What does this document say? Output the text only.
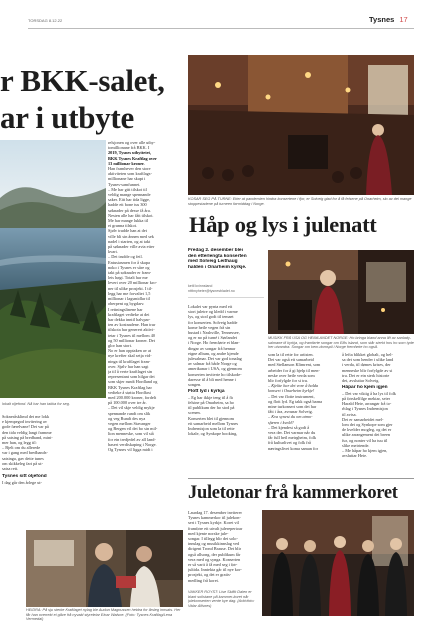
TORSDAG 8.12.22	Tysnes 17
r BKK-salet,
ar i utbyte
lokalt oljefond. Nå har han takka for seg.
Sokneråsklimd det me lokk
e kjempegod invitering av
gode færelvane! Det var på
den tida veldig langt framme
på satsing på bredband, mini-
mer han, og legg til:
– Bjelt om du allerede
var i gang med bredbands-
satsinga, gav dette tunes
om skikkeleg fart på ut-
satsa rett.
Tysnes sitt oljefond
I dag går den årlege ut-
relsjonen og over alle utby-
tomillionane frå BKK. I
2019, Tysnes utbyttetet,
BKK Tysnes Kraftlag over
13 millionar kroner.
Han framhever den store
aktiviteten som kraftlags-
millionane har skapt i
Tysnes-samfunnet.
– Me har gitt tilskot til
veldig mange spennande
saker. Eitt har tida ligge,
hadde eit bone tus 300
søknader på desse få åra.
Nesten alle har fått tilskot.
Me har mange lukka til
ei grunna tilskot.
Sjølv trudde han at det
ville bli sin ånnen med sek
nadel i starten, og at takt
på søknader ville avta etter
kvart.
– Det trudde og feil.
Entusiasmen for å skapa
noko i Tysnes er såre og
takt på søknader er fram-
leis høgt. Totalt har me
levert over 20 millionar kro-
ner til ulike prosjekt. I til-
legg har me forvaltet 1,5
millionar i lagsmidlar til
oberpent og bygdarv.
I rettningslinene har
kraftlaget vedteke at dei
har dekka inntil halvpar-
ten av kostnadene. Han trur
tilskota har generert aktivi-
tetar i Tysnes til mellom 40
og 50 millionar kroner. Det
glor han stort.
No er han opptaken av at
nye krefter skal setja vid-
ninga til kraftlaget fram-
over. Sjølv har han sagt
ja til å verte kraftlaget sin
representant som hilgar det
som skjer rundt Hordland og
BKK Tysnes Kraftlag har
vedteke å støtta Hordfast
med 200.000 kroner, fordelt
på 100.000 over tre år.
– Det vil skje veldig mykje
spennande rundt om slik
og veg Rundt des nya
vegen mellom Stavanger
og Bergen vil det bo sin mil-
lion menneske, som vil stå
for ein tredjedel av all land-
basert verdiskaping i Norge.
Og Tysnes vil ligga midt i
HEIDRA: På sju sterke Kraftlaget nylag ble Audun Magnussen heidra for årsleg innsats. Her får han overrekt ei gåve frå nyvald styreleiar Einar Walsne. (Foto: Tysnes Kraftlag/Lena Vermedal)
KOSAR SEG PÅ TURNE: Etter at pandemien hindra konsertene i fjor, er Solveig glad for å få felsene på Onarheim, slo av dei mange stoppestadene på turneen førmiddag i Norge.
Håp og lys i julenatt
Fredag 2. desember blei
den etterlengta konserten
med Solveig Leithaug
halden i Onarheim kyrkje.
ketil kvinnsland
nttbnyheter@tysnesbladet.no
Lokalet var pynta med eit
stort juletre og kledd i varme
lys, og stod godt til temaet
for konserten. Solveig hadde
kome heile vegen frå sin
bustad i Nashville, Tennessee,
og er no på turné i Sørlandet
i Norge. Ho fremførte et blan-
dingar av songar frå hennar
eigne album, og andre kjende
julesalmar. Det var god tonalag
av salmar frå både Norge og
amerikanar i USA, og gjennom
konserten inviterte ho tilskode-
daresse til å bli med henne i
songen.
Flott lyd i kyrkja
– Eg har ikkje teng til å fà
felsine på Onarheim, sa ho
til publikum der ho stod på
scenen.
Konserten blei til gjennom
eit samarbeid mellom Tysnes
Indremisjon som la til rette
lokale, og Synkope booking,
MUSIKK FRÅ USA OG HEIMLANDET NORGE: Ho bringa bland anna lift av sanlady-salmane til kyrkja, og framførte songar om Ellis island, som står sterkt hos ho som tyde her utvandra. Songar om kem-domspil i Norge fremførte ho også.
som la til rette for artisten.
Det var også eit samarbeid
med Stellanson Klimrent, som
arbeider for å gi hjelp til men-
neske over heile verda som
blir forfylgde for si tru.
– Kjekte har det vore å halda
konsert i Onarheim kyrkje!
– Det var flotte instrument,
og flott lyd. Eg takk også barna
mine turkonsert som det har
fått i åra, avrunar Solveig.
– Kva synest du om atmo-
sfæren i kveld?
– Det kjendest så godt å
vera der. Det varmar når du
får full heil meirgheim, folk
frå kulturlivet og folk frå
næringslivet koma saman for
å lefta blikket globalt, og hel-
sa det som hender i ulike land
i verda, til dømes krises, der
menneske blir forfylgde av si
tru. Det er ein sterk historie
det, avsluttar Solveig.
Håpar ho kjem igjen
– Det var viktig å ha lys til folk
på førskelfilge mektar, seier
Harald Heie, arrangør frå to-
rhlag i Tysnes Indremisjon
til avisa.
Det er samarbeidet mel-
lom dei og Synkope som gjer
de kvelder mogleg, og det er
ulike arrangement dei breen
fur, og nonter vil ha tuu til
slike meirtende.
– Me håpar ho kjem igjen,
avsluttar Heie.
Juletonar frå kammerkoret
Laurdag 17. desember inviterer
Tysnes kammerkor til julekon-
sert i Tysnes kyrkje. Koret vil
framføre eit utvalt julerepertoar
med kjente norske jule-
songar. I tillegg blir det solo-
innslag og musikkinnslag ved
dirigent Trond Brause. Det blir
også allsong, der publikum får
vera med og synga. Konserten
er så varit å få med seg i før-
jultida. Inntekta går til nye kor-
prosjekt, og det er gratis-
medling frå koret.
VAKKER ROYST: Lise Skifik Dalen er blant solistane på kammer-koret når julekonserten vente kye dag. (Arkivfoto: Vidar Alfsnes)
